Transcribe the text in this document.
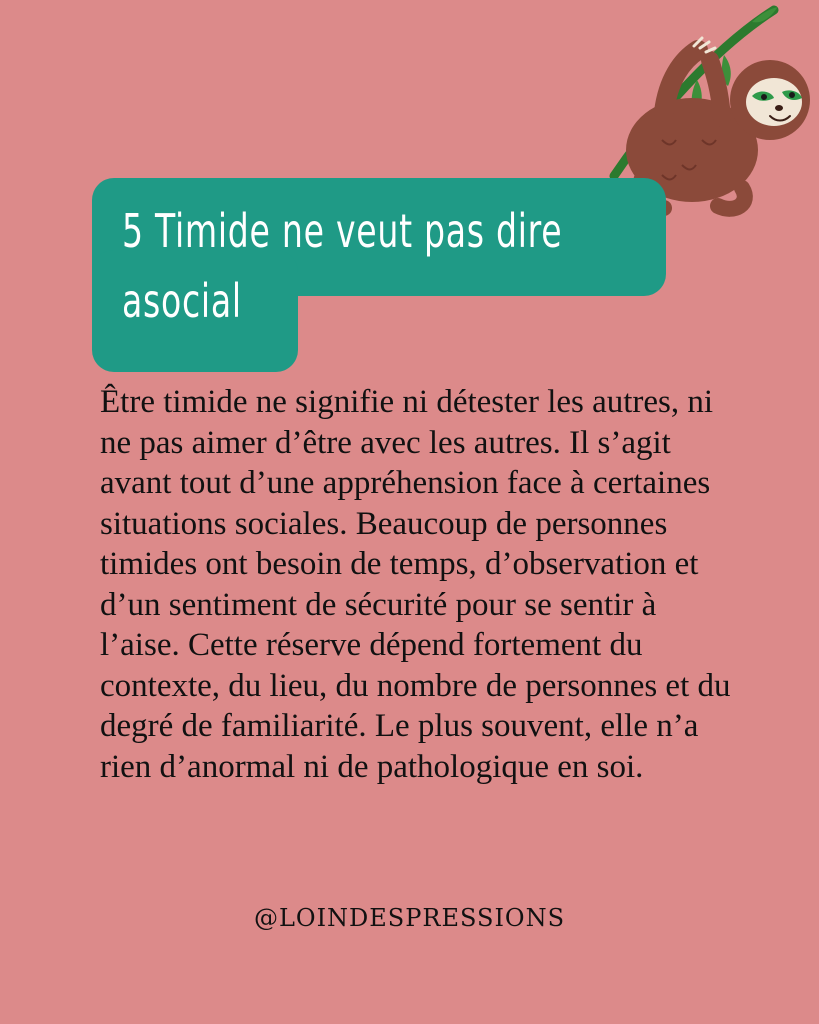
5 Timide ne veut pas dire asocial
Être timide ne signifie ni détester les autres, ni ne pas aimer d’être avec les autres. Il s’agit avant tout d’une appréhension face à certaines situations sociales. Beaucoup de personnes timides ont besoin de temps, d’observation et d’un sentiment de sécurité pour se sentir à l’aise. Cette réserve dépend fortement du contexte, du lieu, du nombre de personnes et du degré de familiarité. Le plus souvent, elle n’a rien d’anormal ni de pathologique en soi.
@LOINDESPRESSIONS
